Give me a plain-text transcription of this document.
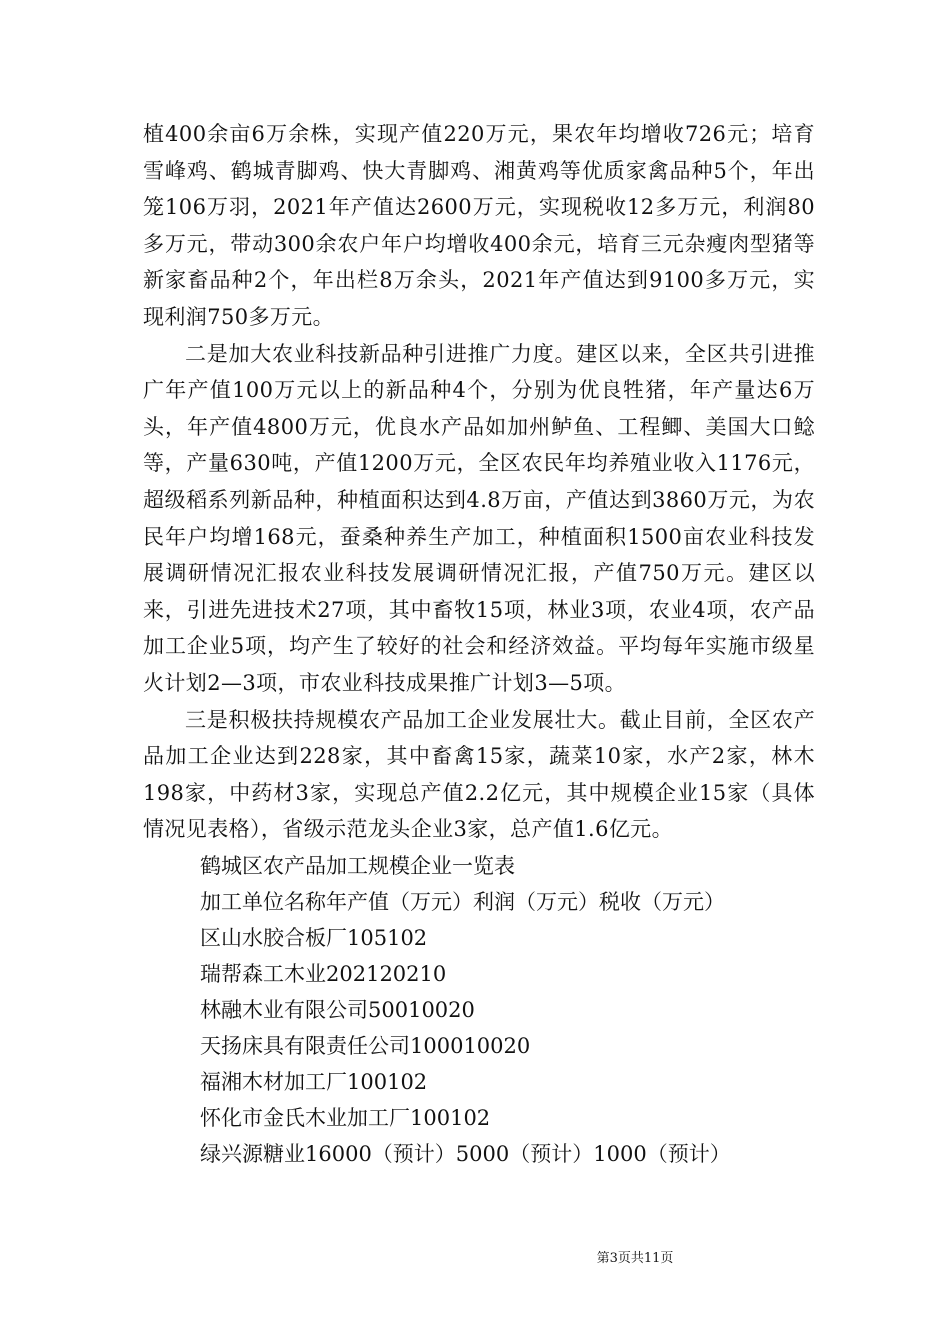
植400余亩6万余株，实现产值220万元，果农年均增收726元；培育雪峰鸡、鹤城青脚鸡、快大青脚鸡、湘黄鸡等优质家禽品种5个，年出笼106万羽，2021年产值达2600万元，实现税收12多万元，利润80多万元，带动300余农户年户均增收400余元，培育三元杂瘦肉型猪等新家畜品种2个，年出栏8万余头，2021年产值达到9100多万元，实现利润750多万元。

二是加大农业科技新品种引进推广力度。建区以来，全区共引进推广年产值100万元以上的新品种4个，分别为优良牲猪，年产量达6万头，年产值4800万元，优良水产品如加州鲈鱼、工程鲫、美国大口鲶等，产量630吨，产值1200万元，全区农民年均养殖业收入1176元，超级稻系列新品种，种植面积达到4.8万亩，产值达到3860万元，为农民年户均增168元，蚕桑种养生产加工，种植面积1500亩农业科技发展调研情况汇报农业科技发展调研情况汇报，产值750万元。建区以来，引进先进技术27项，其中畜牧15项，林业3项，农业4项，农产品加工企业5项，均产生了较好的社会和经济效益。平均每年实施市级星火计划2—3项，市农业科技成果推广计划3—5项。

三是积极扶持规模农产品加工企业发展壮大。截止目前，全区农产品加工企业达到228家，其中畜禽15家，蔬菜10家，水产2家，林木198家，中药材3家，实现总产值2.2亿元，其中规模企业15家（具体情况见表格），省级示范龙头企业3家，总产值1.6亿元。

鹤城区农产品加工规模企业一览表

加工单位名称年产值（万元）利润（万元）税收（万元）

区山水胶合板厂105102

瑞帮森工木业202120210

林融木业有限公司50010020

天扬床具有限责任公司100010020

福湘木材加工厂100102

怀化市金氏木业加工厂100102

绿兴源糖业16000（预计）5000（预计）1000（预计）

第3页共11页
